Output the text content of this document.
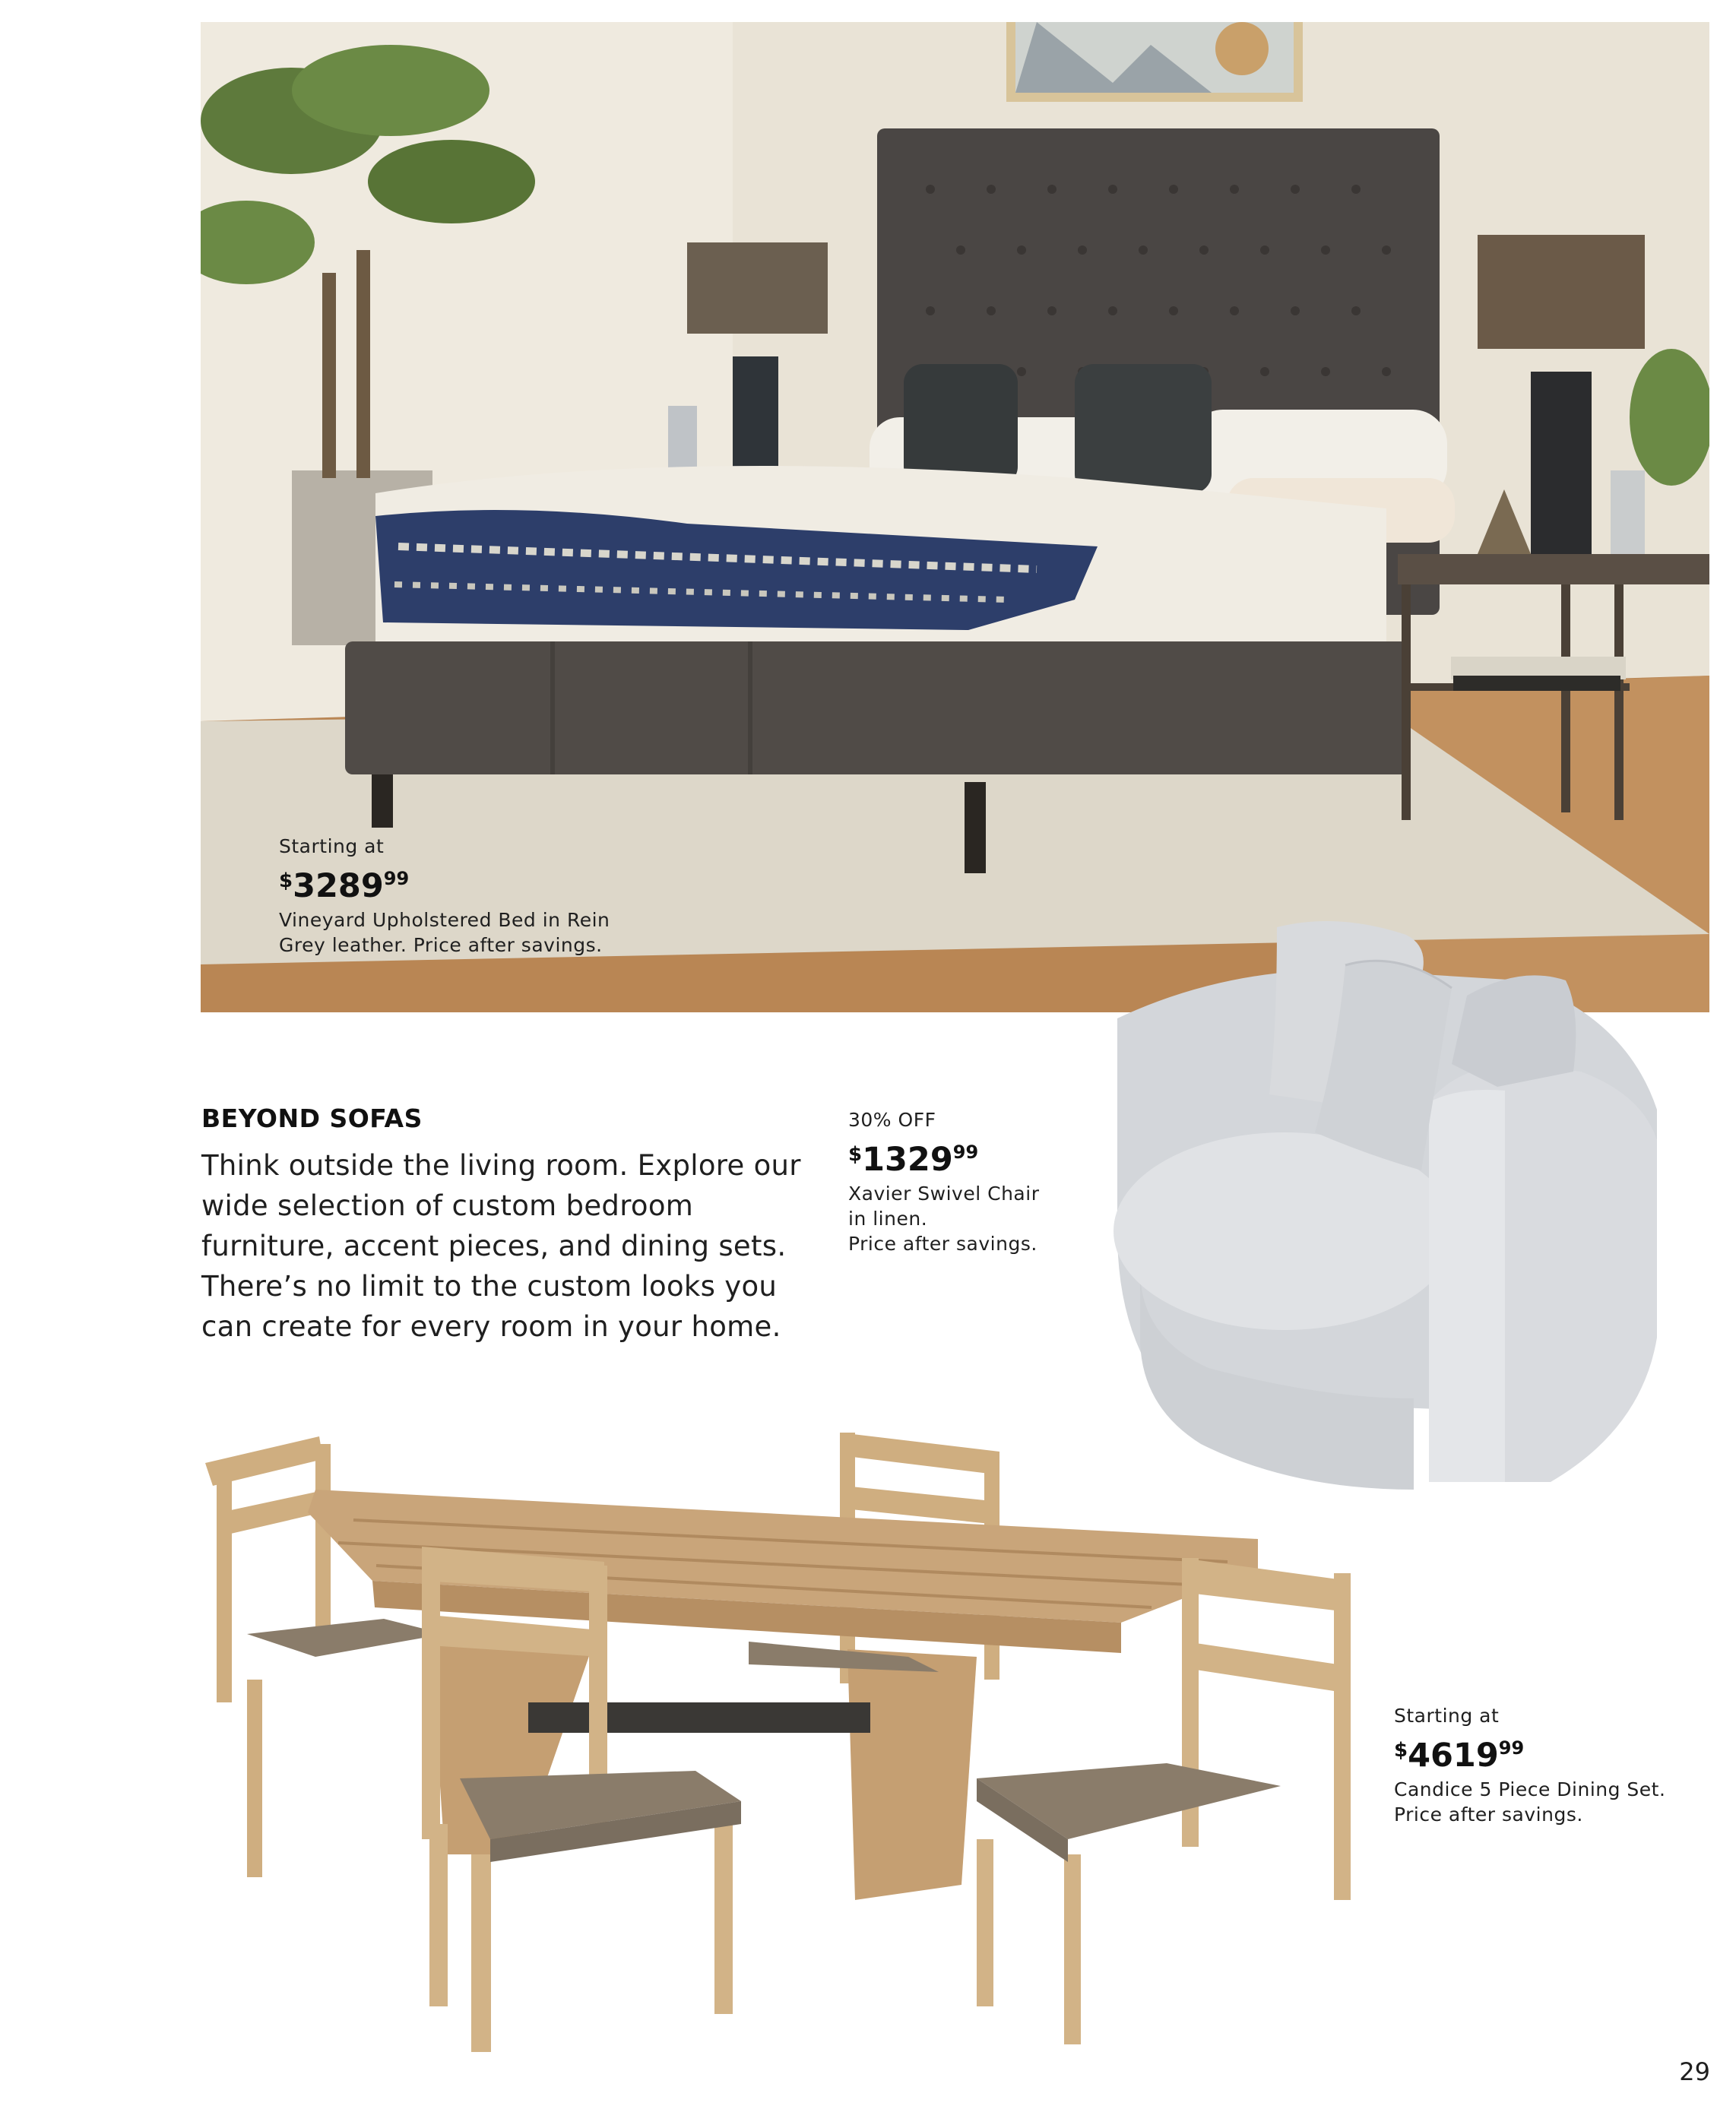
Starting at
$3289$^{99}$
Vineyard Upholstered Bed in Rein
Grey leather. Price after savings.
BEYOND SOFAS

Think outside the living room. Explore our wide selection of custom bedroom furniture, accent pieces, and dining sets. There’s no limit to the custom looks you can create for every room in your home.

30% OFF
$1329$^{99}$
Xavier Swivel Chair
in linen.
Price after savings.
Starting at
$4619$^{99}$
Candice 5 Piece Dining Set.
Price after savings.
29
